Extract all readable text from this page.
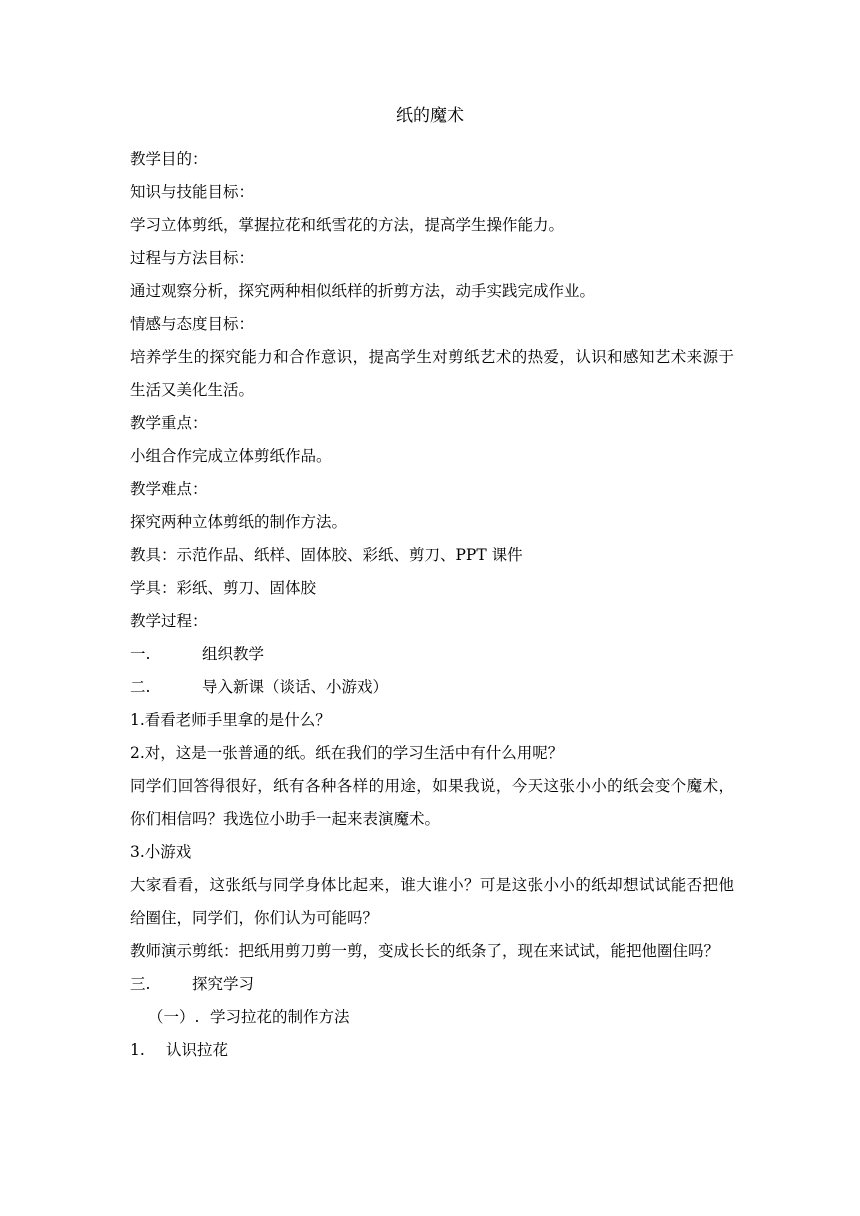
纸的魔术

教学目的：

知识与技能目标：

学习立体剪纸，掌握拉花和纸雪花的方法，提高学生操作能力。

过程与方法目标：

通过观察分析，探究两种相似纸样的折剪方法，动手实践完成作业。

情感与态度目标：

培养学生的探究能力和合作意识，提高学生对剪纸艺术的热爱，认识和感知艺术来源于生活又美化生活。

教学重点：

小组合作完成立体剪纸作品。

教学难点：

探究两种立体剪纸的制作方法。

教具：示范作品、纸样、固体胶、彩纸、剪刀、PPT 课件

学具：彩纸、剪刀、固体胶

教学过程：

一.	组织教学

二.	导入新课（谈话、小游戏）

1.看看老师手里拿的是什么？

2.对，这是一张普通的纸。纸在我们的学习生活中有什么用呢？

同学们回答得很好，纸有各种各样的用途，如果我说，今天这张小小的纸会变个魔术，你们相信吗？我选位小助手一起来表演魔术。

3.小游戏

大家看看，这张纸与同学身体比起来，谁大谁小？可是这张小小的纸却想试试能否把他给圈住，同学们，你们认为可能吗？

教师演示剪纸：把纸用剪刀剪一剪，变成长长的纸条了，现在来试试，能把他圈住吗？

三.	探究学习

（一）. 学习拉花的制作方法

1. 认识拉花
